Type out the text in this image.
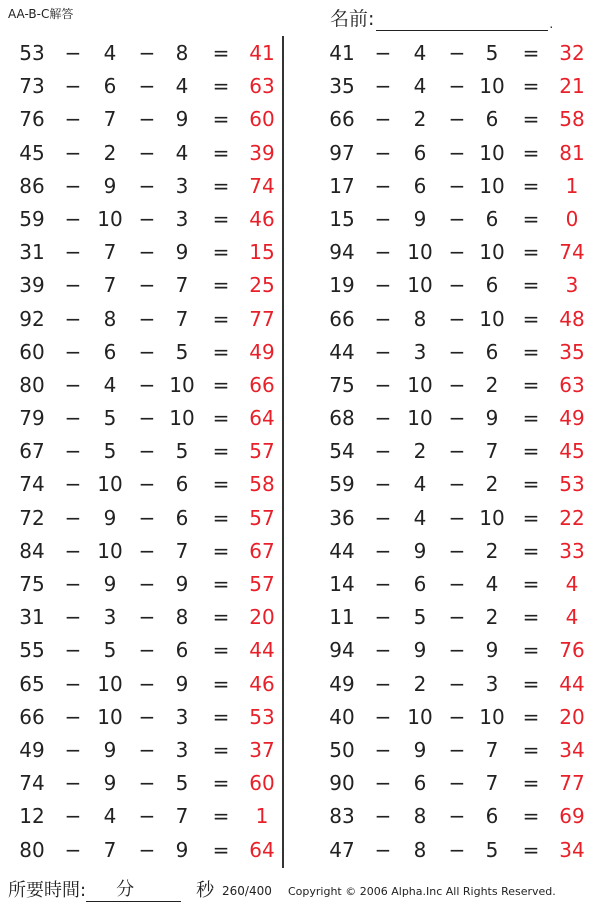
AA-B-C解答	名前:	.
53 −	4	−	8	= 41
73 −	6	−	4	= 63
76 −	7	−	9	= 60
45 −	2	−	4	= 39
86 −	9	−	3	= 74
59 − 10 −	3	= 46
31 −	7	−	9	= 15
39 −	7	−	7	= 25
92 −	8	−	7	= 77
60 −	6	−	5	= 49
80 −	4	− 10 = 66
79 −	5	− 10 = 64
67 −	5	−	5	= 57
74 − 10 −	6	= 58
72 −	9	−	6	= 57
84 − 10 −	7	= 67
75 −	9	−	9	= 57
31 −	3	−	8	= 20
55 −	5	−	6	= 44
65 − 10 −	9	= 46
66 − 10 −	3	= 53
49 −	9	−	3	= 37
74 −	9	−	5	= 60
12 −	4	−	7	=	1
80 −	7	−	9	= 64
41 −	4	−	5	= 32
35 −	4	− 10 = 21
66 −	2	−	6	= 58
97 −	6	− 10 = 81
17 −	6	− 10 =	1
15 −	9	−	6	=	0
94 − 10 − 10 = 74
19 − 10 −	6	=	3
66 −	8	− 10 = 48
44 −	3	−	6	= 35
75 − 10 −	2	= 63
68 − 10 −	9	= 49
54 −	2	−	7	= 45
59 −	4	−	2	= 53
36 −	4	− 10 = 22
44 −	9	−	2	= 33
14 −	6	−	4	=	4
11 −	5	−	2	=	4
94 −	9	−	9	= 76
49 −	2	−	3	= 44
40 − 10 − 10 = 20
50 −	9	−	7	= 34
90 −	6	−	7	= 77
83 −	8	−	6	= 69
47 −	8	−	5	= 34
所要時間: 分	秒 260/400 Copyright © 2006 Alpha.Inc All Rights Reserved.
